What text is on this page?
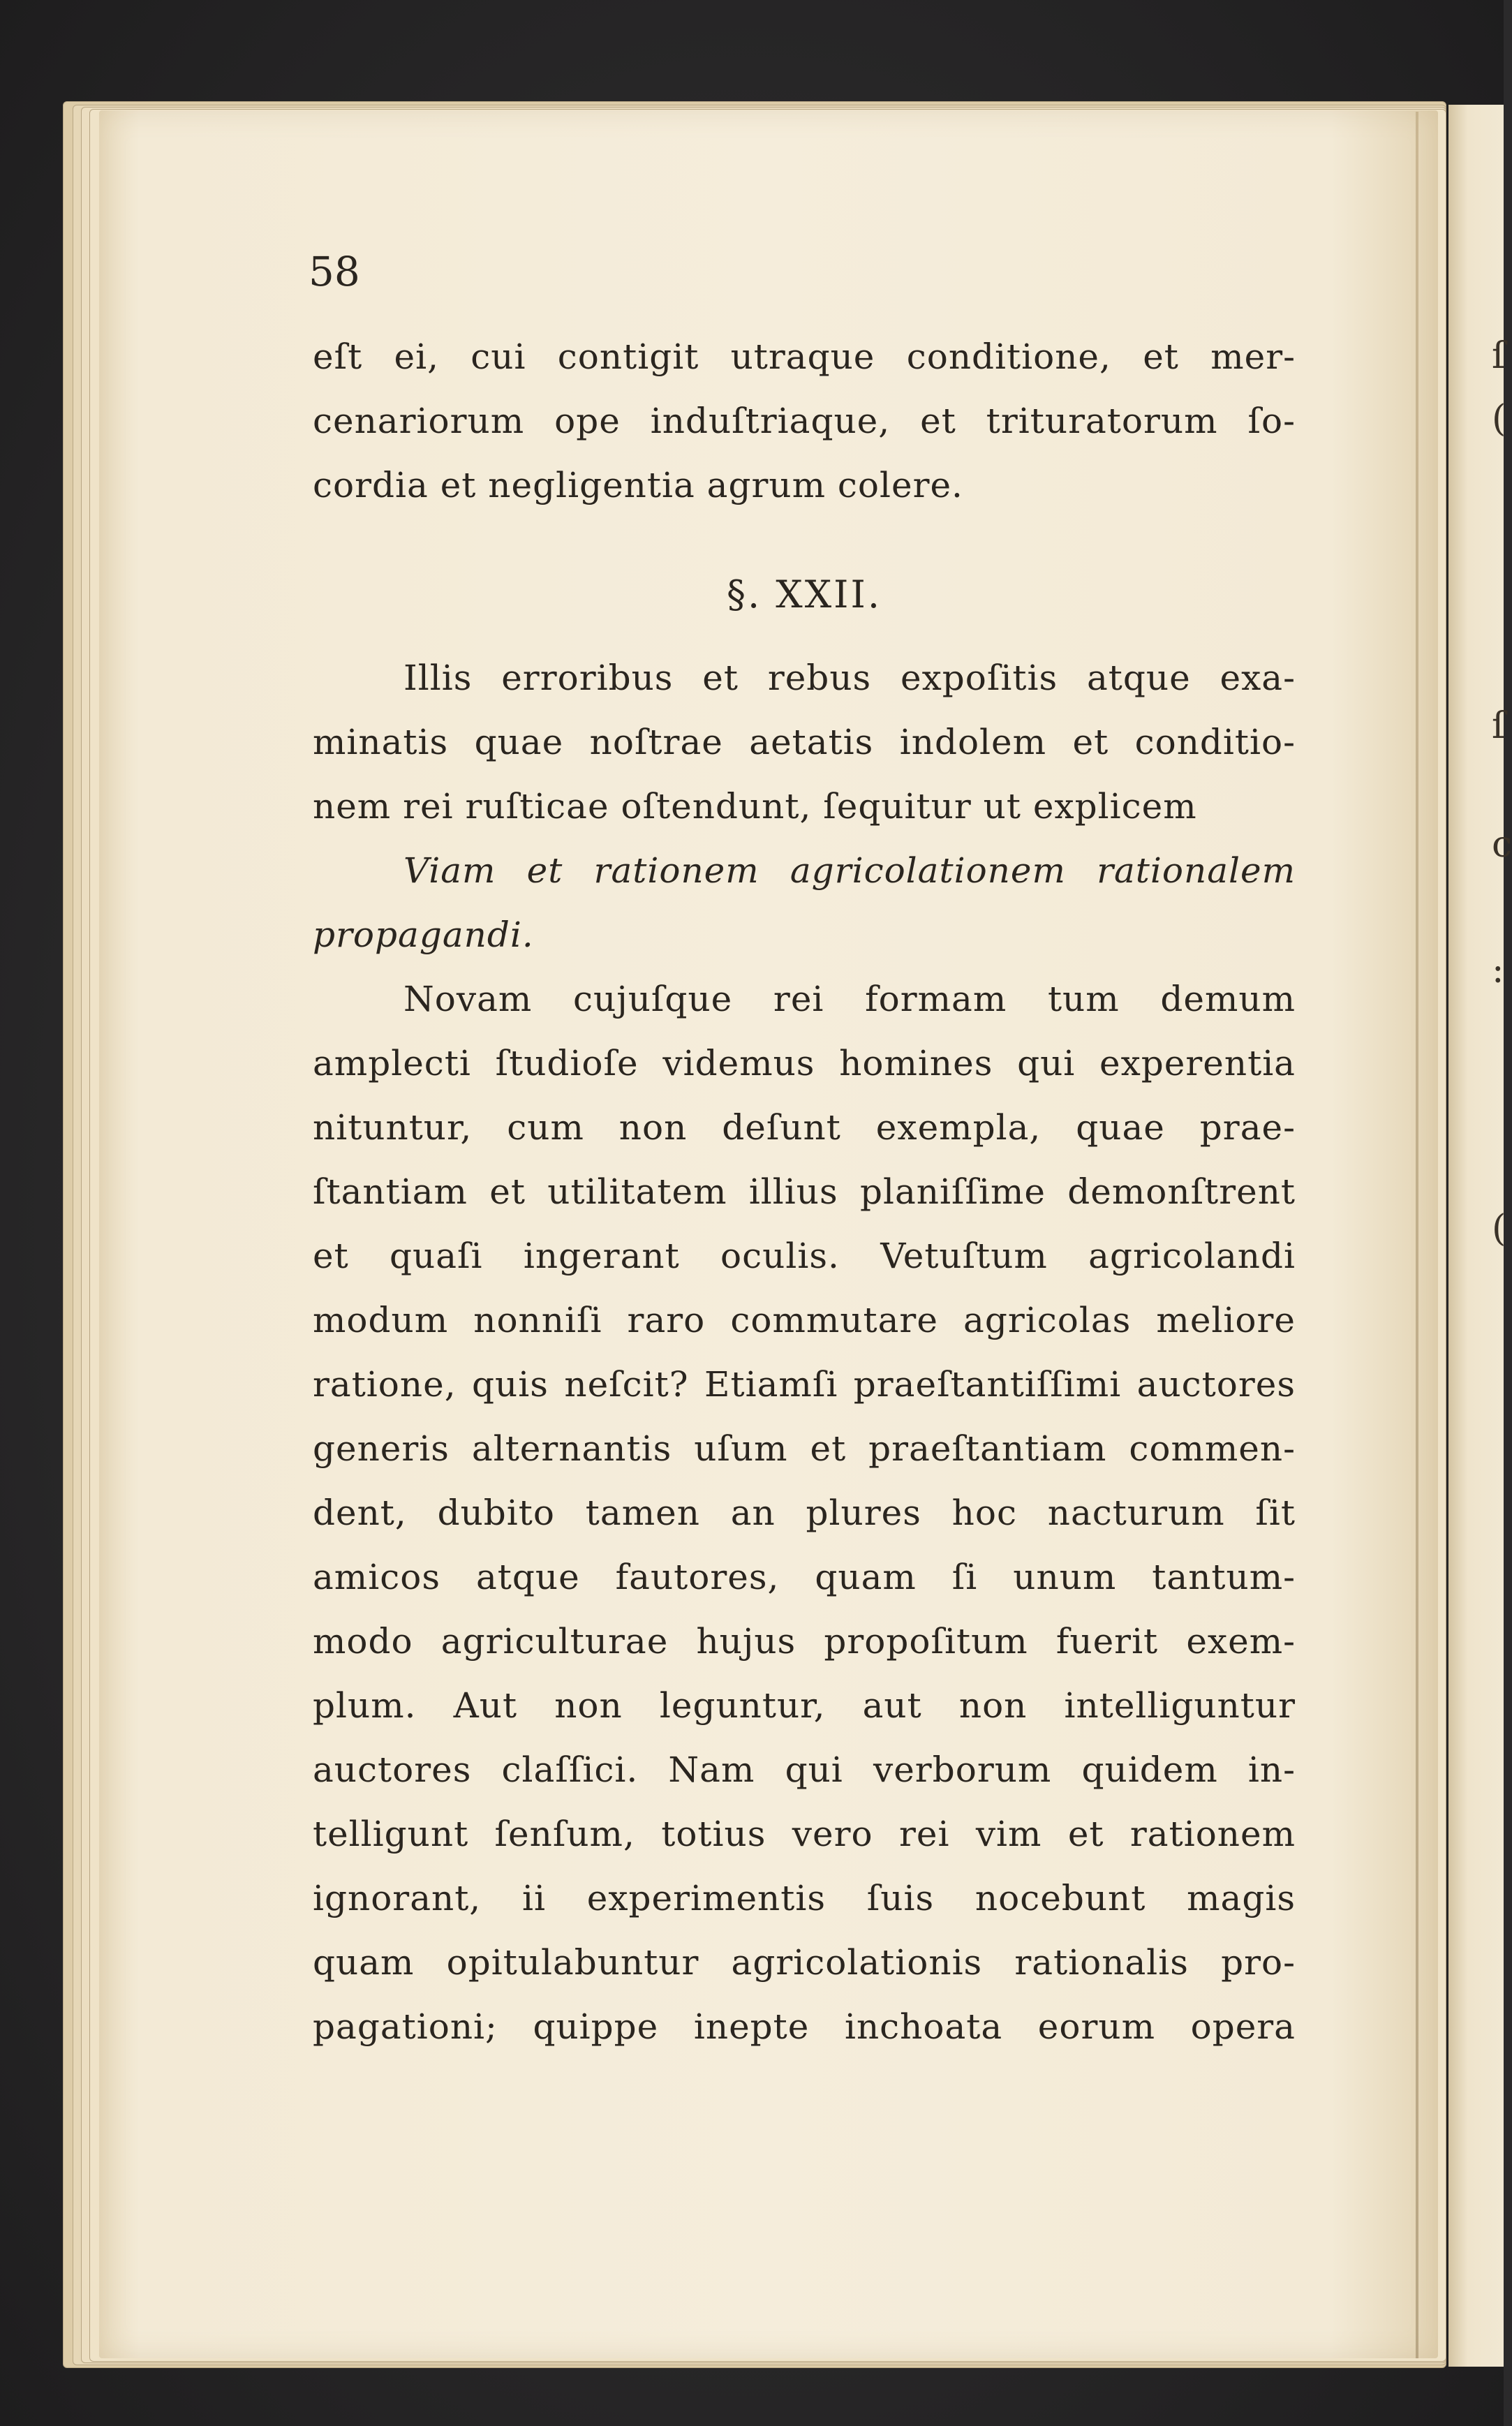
ſ
(
ſ
c
:
(
58
eſt ei, cui contigit utraque conditione, et mer-
cenariorum ope induſtriaque, et trituratorum ſo-
cordia et negligentia agrum colere.
§. XXII.
Illis erroribus et rebus expoſitis atque exa-
minatis quae noſtrae aetatis indolem et conditio-
nem rei ruſticae oſtendunt, ſequitur ut explicem
Viam et rationem agricolationem rationalem
propagandi.
Novam cujuſque rei formam tum demum
amplecti ſtudioſe videmus homines qui experentia
nituntur, cum non deſunt exempla, quae prae-
ſtantiam et utilitatem illius planiſſime demonſtrent
et quaſi ingerant oculis. Vetuſtum agricolandi
modum nonniſi raro commutare agricolas meliore
ratione, quis neſcit? Etiamſi praeſtantiſſimi auctores
generis alternantis uſum et praeſtantiam commen-
dent, dubito tamen an plures hoc nacturum ſit
amicos atque fautores, quam ſi unum tantum-
modo agriculturae hujus propoſitum fuerit exem-
plum. Aut non leguntur, aut non intelliguntur
auctores claſſici. Nam qui verborum quidem in-
telligunt ſenſum, totius vero rei vim et rationem
ignorant, ii experimentis ſuis nocebunt magis
quam opitulabuntur agricolationis rationalis pro-
pagationi; quippe inepte inchoata eorum opera
